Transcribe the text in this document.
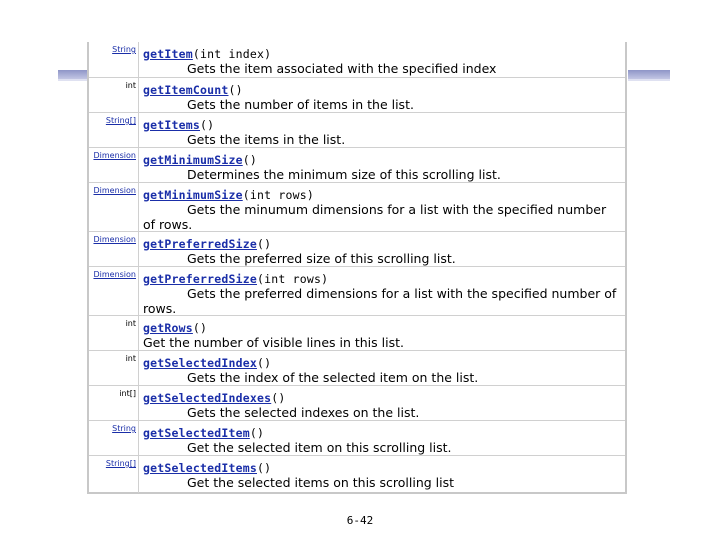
String getItem(int index)
Gets the item associated with the specified index
int getItemCount()
Gets the number of items in the list.
String[] getItems()
Gets the items in the list.
Dimension getMinimumSize()
Determines the minimum size of this scrolling list.
Dimension getMinimumSize(int rows)
Gets the minumum dimensions for a list with the specified number of rows.
Dimension getPreferredSize()
Gets the preferred size of this scrolling list.
Dimension getPreferredSize(int rows)
Gets the preferred dimensions for a list with the specified number of rows.
int getRows()
Get the number of visible lines in this list.
int getSelectedIndex()
Gets the index of the selected item on the list.
int[] getSelectedIndexes()
Gets the selected indexes on the list.
String getSelectedItem()
Get the selected item on this scrolling list.
String[] getSelectedItems()
Get the selected items on this scrolling list
6-42
